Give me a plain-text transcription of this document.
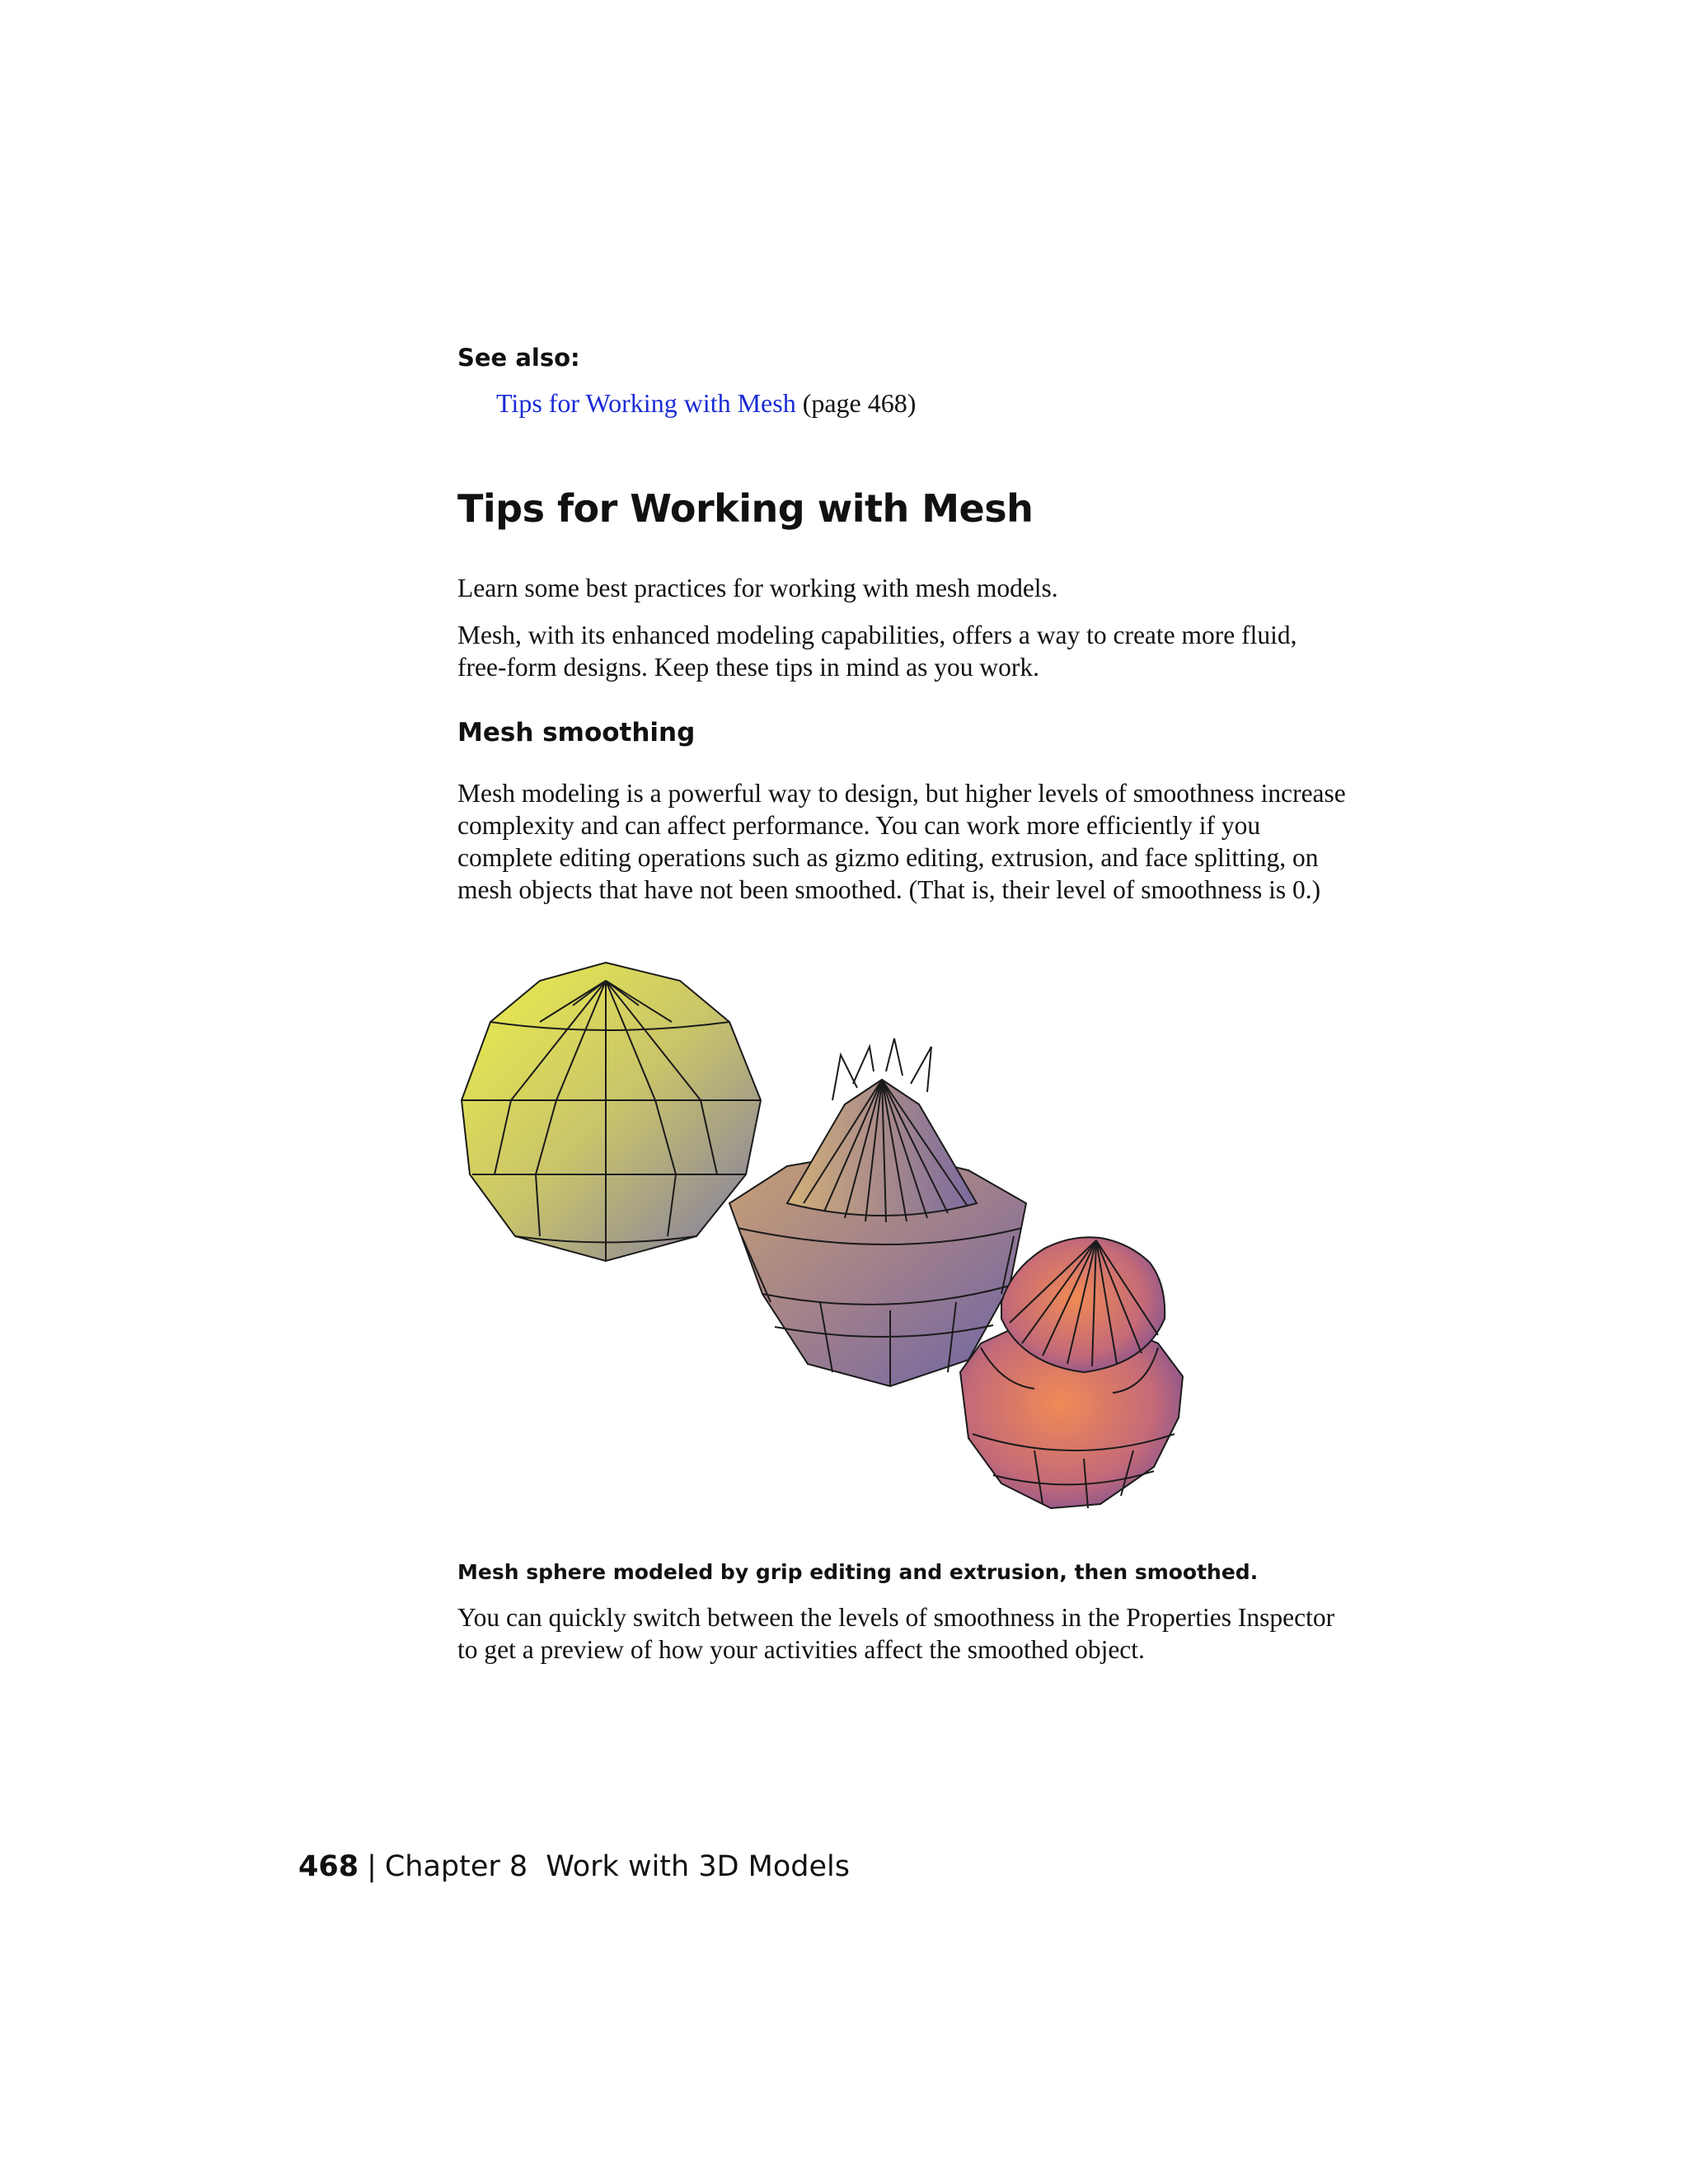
See also:
Tips for Working with Mesh (page 468)
Tips for Working with Mesh

Learn some best practices for working with mesh models.

Mesh, with its enhanced modeling capabilities, offers a way to create more fluid, free-form designs. Keep these tips in mind as you work.

Mesh smoothing

Mesh modeling is a powerful way to design, but higher levels of smoothness increase complexity and can affect performance. You can work more efficiently if you complete editing operations such as gizmo editing, extrusion, and face splitting, on mesh objects that have not been smoothed. (That is, their level of smoothness is 0.)

Mesh sphere modeled by grip editing and extrusion, then smoothed.

You can quickly switch between the levels of smoothness in the Properties Inspector to get a preview of how your activities affect the smoothed object.

468 | Chapter 8 Work with 3D Models
